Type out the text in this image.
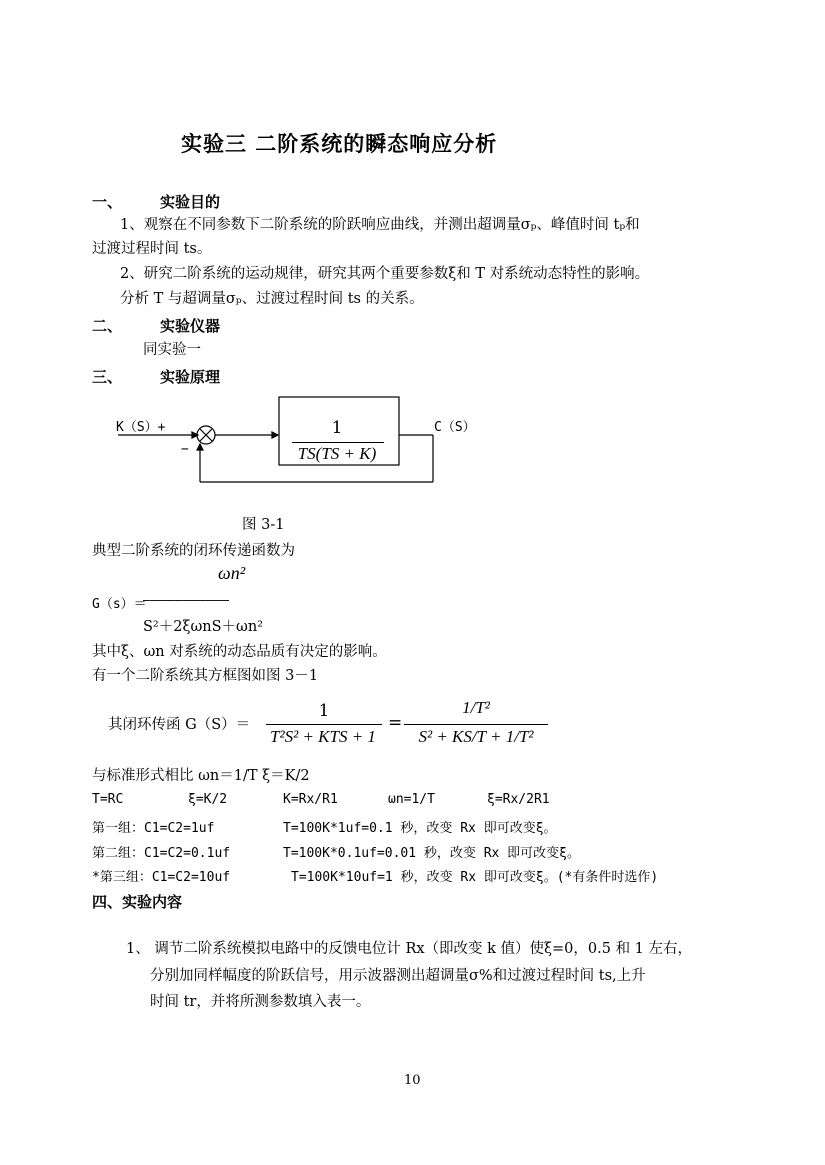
实验三 二阶系统的瞬态响应分析
一、	实验目的
1、观察在不同参数下二阶系统的阶跃响应曲线，并测出超调量σₚ、峰值时间 tₚ和
过渡过程时间 ts。
2、研究二阶系统的运动规律，研究其两个重要参数ξ和 T 对系统动态特性的影响。
分析 T 与超调量σₚ、过渡过程时间 ts 的关系。
二、	实验仪器
同实验一
三、	实验原理
K（S）+
−
C（S）
1
TS(TS + K)
图 3-1
典型二阶系统的闭环传递函数为
ωn²
G（s）＝
———————————
S²＋2ξωnS＋ωn²
其中ξ、ωn 对系统的动态品质有决定的影响。
有一个二阶系统其方框图如图 3－1
其闭环传函 G（S）＝
1
T²S² + KTS + 1
=
1/T²
S² + KS/T + 1/T²
与标准形式相比 ωn＝1/T ξ＝K/2
T=RC	ξ=K/2	K=Rx/R1	ωn=1/T	ξ=Rx/2R1
第一组：C1=C2=1uf	T=100K*1uf=0.1 秒，改变 Rx 即可改变ξ。
第二组：C1=C2=0.1uf	T=100K*0.1uf=0.01 秒，改变 Rx 即可改变ξ。
*第三组：C1=C2=10uf	T=100K*10uf=1 秒，改变 Rx 即可改变ξ。(*有条件时选作)
四、实验内容
1、 调节二阶系统模拟电路中的反馈电位计 Rx（即改变 k 值）使ξ=0，0.5 和 1 左右，
分别加同样幅度的阶跃信号，用示波器测出超调量σ%和过渡过程时间 ts,上升
时间 tr，并将所测参数填入表一。
10
